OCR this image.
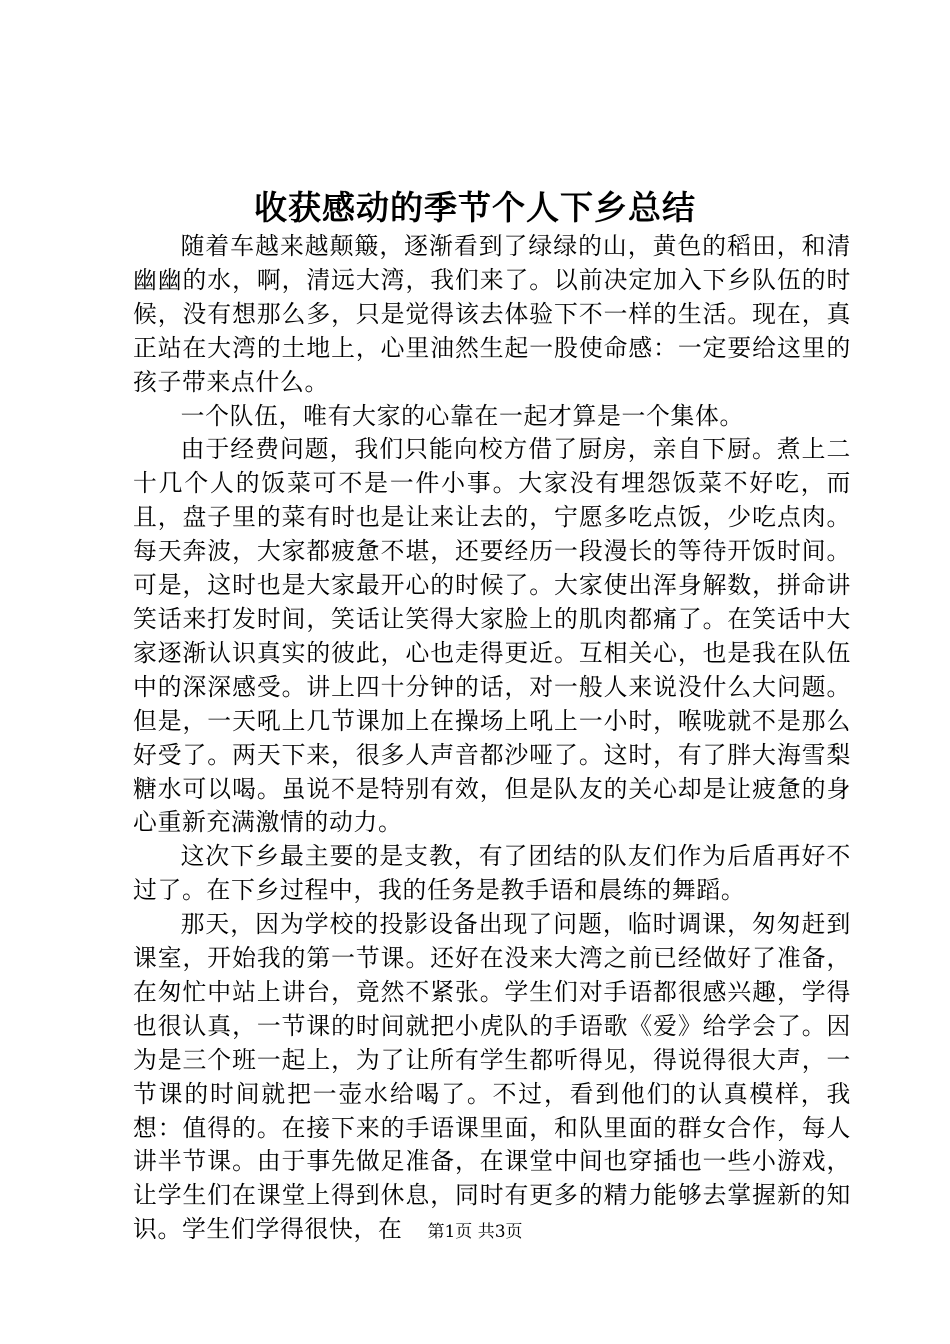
收获感动的季节个人下乡总结

随着车越来越颠簸，逐渐看到了绿绿的山，黄色的稻田，和清幽幽的水，啊，清远大湾，我们来了。以前决定加入下乡队伍的时候，没有想那么多，只是觉得该去体验下不一样的生活。现在，真正站在大湾的土地上，心里油然生起一股使命感：一定要给这里的孩子带来点什么。

一个队伍，唯有大家的心靠在一起才算是一个集体。

由于经费问题，我们只能向校方借了厨房，亲自下厨。煮上二十几个人的饭菜可不是一件小事。大家没有埋怨饭菜不好吃，而且，盘子里的菜有时也是让来让去的，宁愿多吃点饭，少吃点肉。每天奔波，大家都疲惫不堪，还要经历一段漫长的等待开饭时间。可是，这时也是大家最开心的时候了。大家使出浑身解数，拼命讲笑话来打发时间，笑话让笑得大家脸上的肌肉都痛了。在笑话中大家逐渐认识真实的彼此，心也走得更近。互相关心，也是我在队伍中的深深感受。讲上四十分钟的话，对一般人来说没什么大问题。但是，一天吼上几节课加上在操场上吼上一小时，喉咙就不是那么好受了。两天下来，很多人声音都沙哑了。这时，有了胖大海雪梨糖水可以喝。虽说不是特别有效，但是队友的关心却是让疲惫的身心重新充满激情的动力。

这次下乡最主要的是支教，有了团结的队友们作为后盾再好不过了。在下乡过程中，我的任务是教手语和晨练的舞蹈。

那天，因为学校的投影设备出现了问题，临时调课，匆匆赶到课室，开始我的第一节课。还好在没来大湾之前已经做好了准备，在匆忙中站上讲台，竟然不紧张。学生们对手语都很感兴趣，学得也很认真，一节课的时间就把小虎队的手语歌《爱》给学会了。因为是三个班一起上，为了让所有学生都听得见，得说得很大声，一节课的时间就把一壶水给喝了。不过，看到他们的认真模样，我想：值得的。在接下来的手语课里面，和队里面的群女合作，每人讲半节课。由于事先做足准备，在课堂中间也穿插也一些小游戏，让学生们在课堂上得到休息，同时有更多的精力能够去掌握新的知识。学生们学得很快，在	第1页 共3页
